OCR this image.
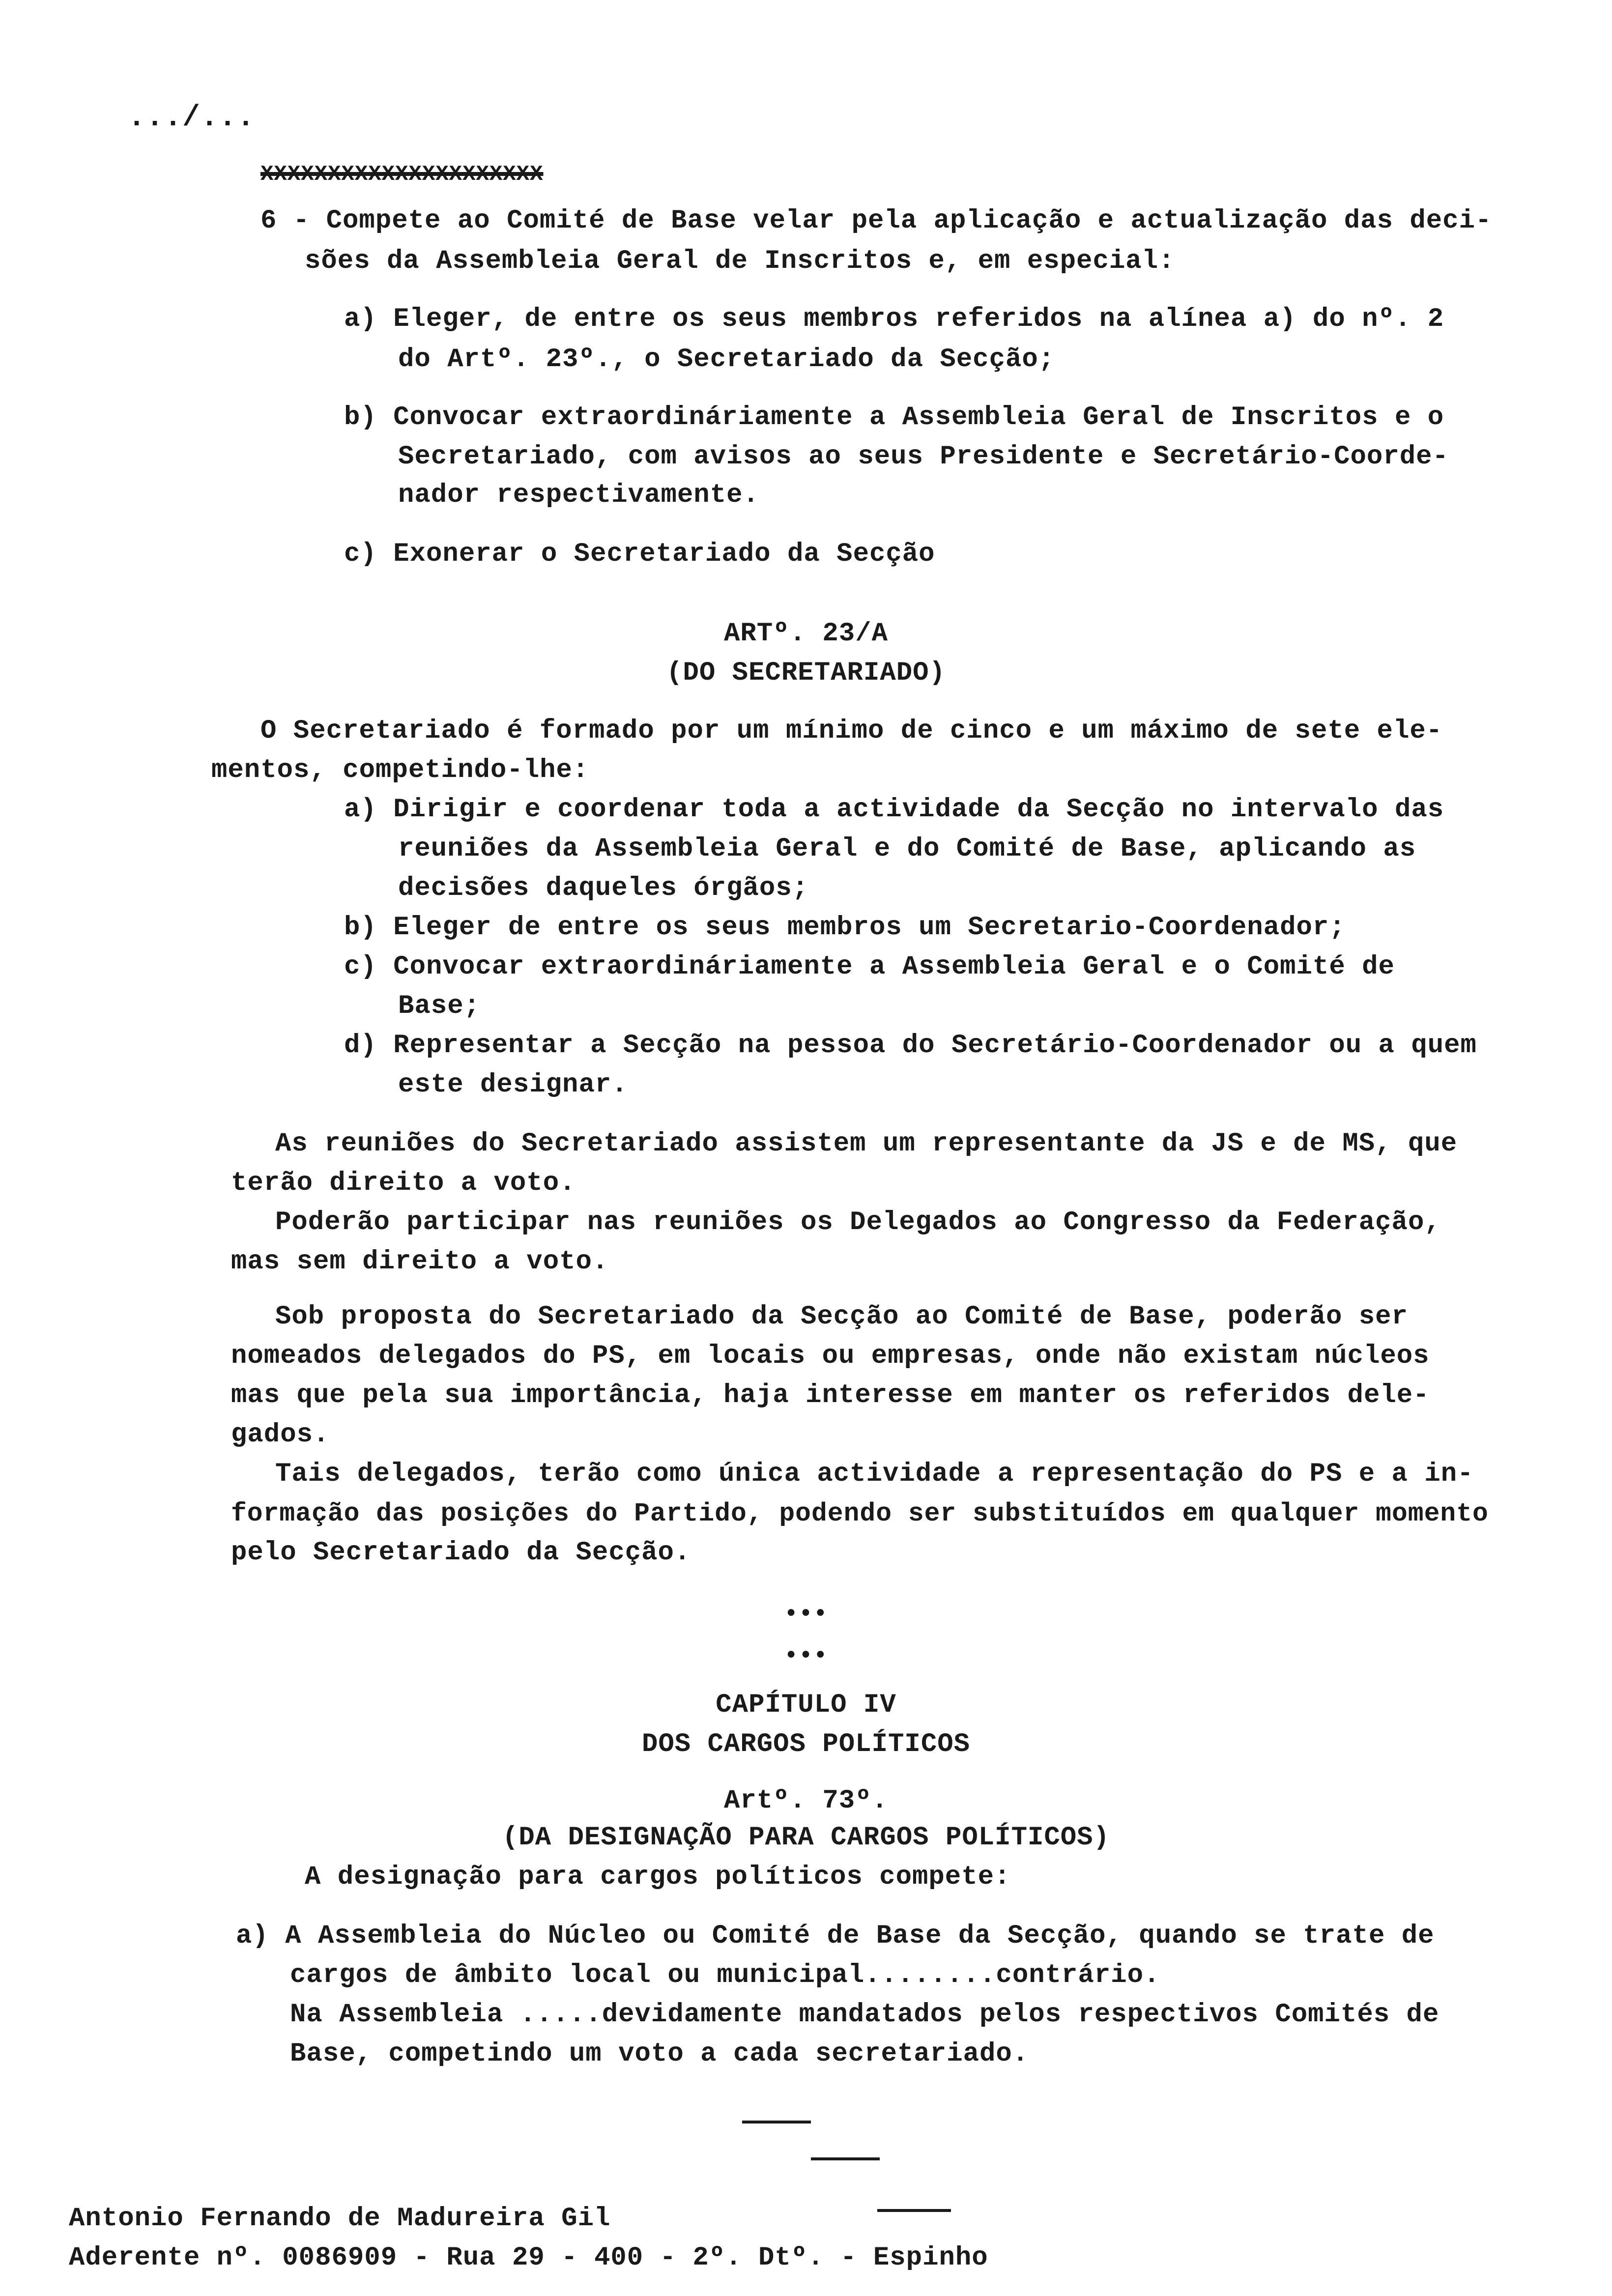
.../...
XXXXXXXXXXXXXXXXXXXXX
6 - Compete ao Comité de Base velar pela aplicação e actualização das deci-
sões da Assembleia Geral de Inscritos e, em especial:
a) Eleger, de entre os seus membros referidos na alínea a) do nº. 2
do Artº. 23º., o Secretariado da Secção;
b) Convocar extraordináriamente a Assembleia Geral de Inscritos e o
Secretariado, com avisos ao seus Presidente e Secretário-Coorde-
nador respectivamente.
c) Exonerar o Secretariado da Secção
ARTº. 23/A
(DO SECRETARIADO)
O Secretariado é formado por um mínimo de cinco e um máximo de sete ele-
mentos, competindo-lhe:
a) Dirigir e coordenar toda a actividade da Secção no intervalo das
reuniões da Assembleia Geral e do Comité de Base, aplicando as
decisões daqueles órgãos;
b) Eleger de entre os seus membros um Secretario-Coordenador;
c) Convocar extraordináriamente a Assembleia Geral e o Comité de
Base;
d) Representar a Secção na pessoa do Secretário-Coordenador ou a quem
este designar.
As reuniões do Secretariado assistem um representante da JS e de MS, que
terão direito a voto.
Poderão participar nas reuniões os Delegados ao Congresso da Federação,
mas sem direito a voto.
Sob proposta do Secretariado da Secção ao Comité de Base, poderão ser
nomeados delegados do PS, em locais ou empresas, onde não existam núcleos
mas que pela sua importância, haja interesse em manter os referidos dele-
gados.
Tais delegados, terão como única actividade a representação do PS e a in-
formação das posições do Partido, podendo ser substituídos em qualquer momento
pelo Secretariado da Secção.
•••
•••
CAPÍTULO IV
DOS CARGOS POLÍTICOS
Artº. 73º.
(DA DESIGNAÇÃO PARA CARGOS POLÍTICOS)
A designação para cargos políticos compete:
a) A Assembleia do Núcleo ou Comité de Base da Secção, quando se trate de
cargos de âmbito local ou municipal........contrário.
Na Assembleia .....devidamente mandatados pelos respectivos Comités de
Base, competindo um voto a cada secretariado.
Antonio Fernando de Madureira Gil
Aderente nº. 0086909 - Rua 29 - 400 - 2º. Dtº. - Espinho
